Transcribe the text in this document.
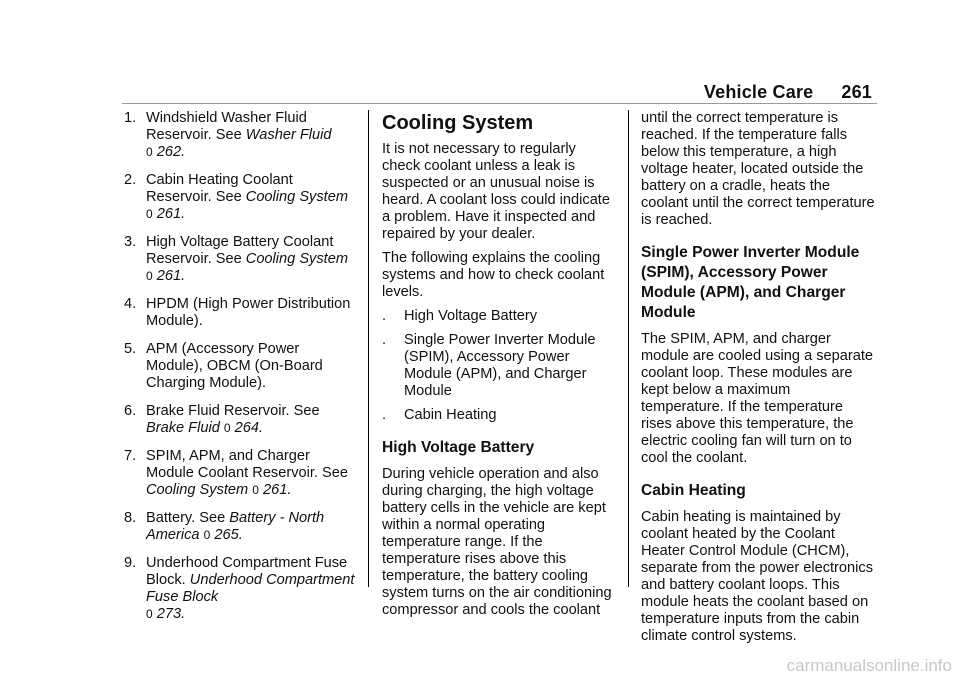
Vehicle Care 261
1. Windshield Washer Fluid Reservoir. See Washer Fluid
0 262.
2. Cabin Heating Coolant Reservoir. See Cooling System
0 261.
3. High Voltage Battery Coolant Reservoir. See Cooling System
0 261.
4. HPDM (High Power Distribution Module).
5. APM (Accessory Power Module), OBCM (On-Board Charging Module).
6. Brake Fluid Reservoir. See
Brake Fluid 0 264.
7. SPIM, APM, and Charger Module Coolant Reservoir. See
Cooling System 0 261.
8. Battery. See Battery - North America 0 265.
9. Underhood Compartment Fuse Block. Underhood Compartment Fuse Block
0 273.
Cooling System

It is not necessary to regularly check coolant unless a leak is suspected or an unusual noise is heard. A coolant loss could indicate a problem. Have it inspected and repaired by your dealer.

The following explains the cooling systems and how to check coolant levels.

.	High Voltage Battery
.	Single Power Inverter Module (SPIM), Accessory Power Module (APM), and Charger Module
.	Cabin Heating
High Voltage Battery

During vehicle operation and also during charging, the high voltage battery cells in the vehicle are kept within a normal operating temperature range. If the temperature rises above this temperature, the battery cooling system turns on the air conditioning compressor and cools the coolant

until the correct temperature is reached. If the temperature falls below this temperature, a high voltage heater, located outside the battery on a cradle, heats the coolant until the correct temperature is reached.

Single Power Inverter Module (SPIM), Accessory Power Module (APM), and Charger Module

The SPIM, APM, and charger module are cooled using a separate coolant loop. These modules are kept below a maximum temperature. If the temperature rises above this temperature, the electric cooling fan will turn on to cool the coolant.

Cabin Heating

Cabin heating is maintained by coolant heated by the Coolant Heater Control Module (CHCM), separate from the power electronics and battery coolant loops. This module heats the coolant based on temperature inputs from the cabin climate control systems.

carmanualsonline.info
